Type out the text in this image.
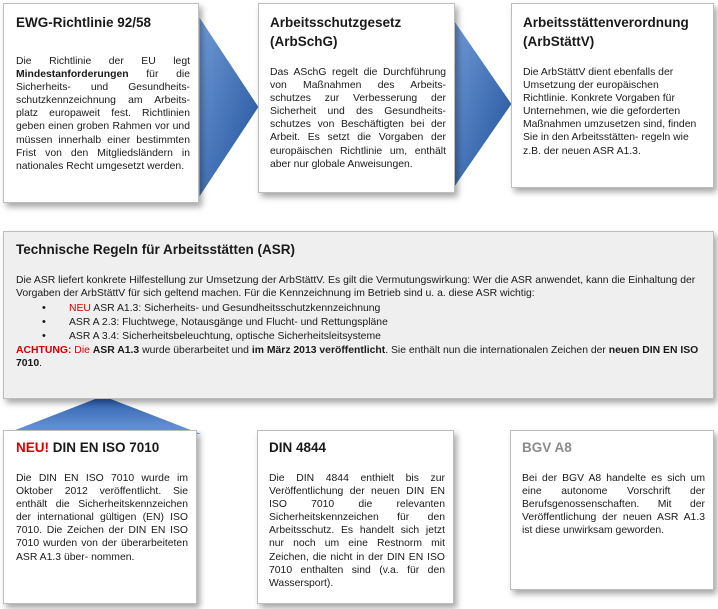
EWG-Richtlinie 92/58

Die Richtlinie der EU legt Mindestanforderungen für die Sicherheits- und Gesundheits- schutzkennzeichnung am Arbeits- platz europaweit fest. Richtlinien geben einen groben Rahmen vor und müssen innerhalb einer bestimmten Frist von den Mitgliedsländern in nationales Recht umgesetzt werden.

Arbeitsschutzgesetz (ArbSchG)

Das ASchG regelt die Durchführung von Maßnahmen des Arbeits- schutzes zur Verbesserung der Sicherheit und des Gesundheits- schutzes von Beschäftigten bei der Arbeit. Es setzt die Vorgaben der europäischen Richtlinie um, enthält aber nur globale Anweisungen.

Arbeitsstättenverordnung (ArbStättV)

Die ArbStättV dient ebenfalls der Umsetzung der europäischen Richtlinie. Konkrete Vorgaben für Unternehmen, wie die geforderten Maßnahmen umzusetzen sind, finden Sie in den Arbeitsstätten- regeln wie z.B. der neuen ASR A1.3.

Technische Regeln für Arbeitsstätten (ASR)

Die ASR liefert konkrete Hilfestellung zur Umsetzung der ArbStättV. Es gilt die Vermutungswirkung: Wer die ASR anwendet, kann die Einhaltung der Vorgaben der ArbStättV für sich geltend machen. Für die Kennzeichnung im Betrieb sind u. a. diese ASR wichtig:

• NEU ASR A1.3: Sicherheits- und Gesundheitsschutzkennzeichnung
• ASR A 2.3: Fluchtwege, Notausgänge und Flucht- und Rettungspläne
• ASR A 3.4: Sicherheitsbeleuchtung, optische Sicherheitsleitsysteme

ACHTUNG: Die ASR A1.3 wurde überarbeitet und im März 2013 veröffentlicht. Sie enthält nun die internationalen Zeichen der neuen DIN EN ISO 7010.

NEU! DIN EN ISO 7010

Die DIN EN ISO 7010 wurde im Oktober 2012 veröffentlicht. Sie enthält die Sicherheitskennzeichen der international gültigen (EN) ISO 7010. Die Zeichen der DIN EN ISO 7010 wurden von der überarbeiteten ASR A1.3 über- nommen.

DIN 4844

Die DIN 4844 enthielt bis zur Veröffentlichung der neuen DIN EN ISO 7010 die relevanten Sicherheitskennzeichen für den Arbeitsschutz. Es handelt sich jetzt nur noch um eine Restnorm mit Zeichen, die nicht in der DIN EN ISO 7010 enthalten sind (v.a. für den Wassersport).

BGV A8

Bei der BGV A8 handelte es sich um eine autonome Vorschrift der Berufsgenossenschaften. Mit der Veröffentlichung der neuen ASR A1.3 ist diese unwirksam geworden.
